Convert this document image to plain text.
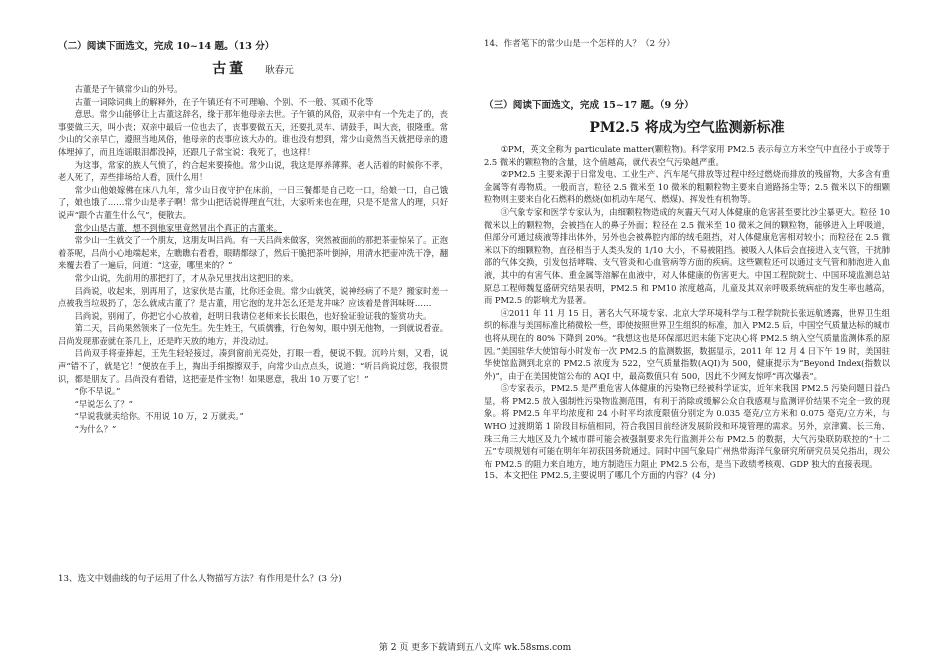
（二）阅读下面选文，完成 10~14 题。（13 分）

古董 耿春元

古董是子午镇常少山的外号。

古董一词除词典上的解释外，在子午镇还有不可理喻、个别、不一般、冥顽不化等

意思。常少山能够让上古董这辞名，缘于那年他母亲去世。子午镇的风俗，双亲中有一个先走了的，丧事要做三天，叫小丧；双亲中最后一位也去了，丧事要做五天，还要扎灵车、请鼓手，叫大丧，很隆重。常少山的父亲早亡，遵照当地风俗，他母亲的丧事应该大办的。谁也没有想到，常少山竟然当天就把母亲的遗体埋掉了，而且连谣眼泪都没掉，还跟几子常宝说：我死了，也这样！

为这事，常家的族人气愤了，约合起来要揍他。常少山说，我这是厚养薄葬。老人活着的时候你不孝，老人死了，弄些排场给人看，顶什么用！

常少山他娘嫁佛在床八九年，常少山日夜守护在床前，一日三餐都是自己吃一口，给娘一口，自己饿了，娘也饿了……常少山是孝子啊！常少山把话说得理直气壮，大家听来也在理，只是不是常人的理，只好说声“跟个古董生什么气”，便散去。

常少山是古董，想不到他家里竟然冒出个真正的古董来。

常少山一生就交了一个朋友，这朋友叫吕尚。有一天吕尚来做客，突然被面前的那把茶壶惊呆了。正泡着茶呢，吕尚小心地端起来，左瞧瞧右看看，眼睛都绿了，然后干脆把茶叶倒掉，用清水把壶冲洗干净，翻来覆去看了一遍后，问道：“这壶，哪里来的？”

常少山说，先前用的那把打了，才从杂兄里找出这把旧的来。

吕尚说，收起来，别再用了，这家伙是古董，比你还金贵。常少山就笑，说神经病了不是？搬家时差一点被我当垃圾扔了，怎么就成古董了？是古董，用它泡的龙井怎么还是龙井味？应该着是普洱味呀……

吕尚说，别闹了，你把它小心放着，赶明日我请位老师来长长眼色，也好验证验证我的鉴赏功夫。

第二天，吕尚果然领来了一位先生。先生姓王，气质儒雅，行色匆匆，眼中别无他物，一到就说看壶。吕尚发现那壶就在茶几上，还是昨天放的地方，并没动过。

吕尚双手将壶捧起，王先生轻轻接过，凑到窗前光亮处，打眼一看，便说不假。沉吟片刻，又看，说声“错不了，就是它！”便放在手上，掏出手绢擦擦双手，向常少山点点头，说道：“听吕尚说过您，我很贯识，都是朋友了。吕尚没有看错，这把壶是件宝物！如果愿意，我出 10 万要了它！”

“你不早说。”

“早说怎么了？”

“早说我就卖给你。不用说 10 万，2 万就卖。”

“为什么？”

13、选文中划曲线的句子运用了什么人物描写方法？有作用是什么？(3 分)

14、作者笔下的常少山是一个怎样的人？（2 分）

（三）阅读下面选文，完成 15~17 题。（9 分）

PM2.5 将成为空气监测新标准

①PM，英文全称为 particulate matter(颗粒物)。科学家用 PM2.5 表示每立方米空气中直径小于或等于 2.5 微米的颗粒物的含量，这个值越高，就代表空气污染越严重。

②PM2.5 主要来源于日常发电、工业生产、汽车尾气排放等过程中经过燃烧而排放的残留物，大多含有重金属等有毒物质。一般而言，粒径 2.5 微米至 10 微米的粗颗粒物主要来自道路扬尘等；2.5 微米以下的细颗粒物则主要来自化石燃料的燃烧(如机动车尾气、燃煤)、挥发性有机物等。

③气象专家和医学专家认为，由细颗粒物造成的灰霾天气对人体健康的危害甚至要比沙尘暴更大。粒径 10 微米以上的颗粒物，会被挡在人的鼻子外面；粒径在 2.5 微米至 10 微米之间的颗粒物，能够进入上呼吸道，但部分可通过痰液等排出体外，另外也会被鼻腔内部的绒毛阻挡，对人体健康危害相对较小；而粒径在 2.5 微米以下的细颗粒物，直径相当于人类头发的 1/10 大小，不易被阻挡。被吸入人体后会直接进入支气管，干扰肺部的气体交换，引发包括哮喘、支气管炎和心血管病等方面的疾病。这些颗粒还可以通过支气管和肺泡进入血液，其中的有害气体、重金属等溶解在血液中，对人体健康的伤害更大。中国工程院院士、中国环境监测总站原总工程师魏复盛研究结果表明，PM2.5 和 PM10 浓度越高，儿童及其双亲呼吸系统病症的发生率也越高，而 PM2.5 的影响尤为显著。

④2011 年 11 月 15 日，著名大气环境专家、北京大学环境科学与工程学院院长张远航透露，世界卫生组织的标准与美国标准比稍微松一些，即使按照世界卫生组织的标准，加入 PM2.5 后，中国空气质量达标的城市也将从现在的 80% 下降到 20%。“我想这也是环保部迟迟未能下定决心将 PM2.5 纳入空气质量监测体系的原因。”美国驻华大使馆每小时发布一次 PM2.5 的监测数据，数据显示，2011 年 12 月 4 日下午 19 时，美国驻华使馆监测到北京的 PM2.5 浓度为 522，空气质量指数(AQI)为 500，健康提示为“Beyond Index(指数以外)”，由于在美国使馆公布的 AQI 中，最高数值只有 500，因此不少网友惊呼“再次爆表”。

⑤专家表示，PM2.5 是严重危害人体健康的污染物已经被科学证实，近年来我国 PM2.5 污染问题日益凸显，将 PM2.5 放入强制性污染物监测范围，有利于消除或缓解公众自我感观与监测评价结果不完全一致的现象。将 PM2.5 年平均浓度和 24 小时平均浓度限值分别定为 0.035 毫克/立方米和 0.075 毫克/立方米，与 WHO 过渡期第 1 阶段目标值相同，符合我国目前经济发展阶段和环境管理的需求。另外，京津冀、长三角、珠三角三大地区及九个城市群可能会被强制要求先行监测并公布 PM2.5 的数据，大气污染联防联控的“十二五”专项规划有可能在明年年初获国务院通过。同时中国气象局广州热带海洋气象研究所研究员吴兑指出，现公布 PM2.5 的阻力来自地方，地方制造压力阻止 PM2.5 公布，是当下政绩考核观、GDP 独大的直接表现。

15、本文把住 PM2.5,主要说明了哪几个方面的内容？(4 分)

第 2 页 更多下载请到五八文库 wk.58sms.com
